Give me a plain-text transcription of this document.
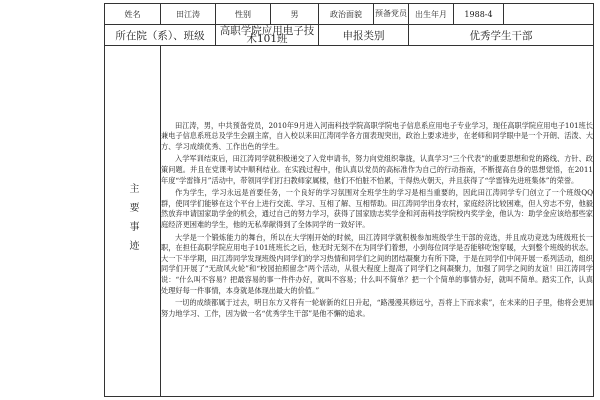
姓名	田江涛	性别	男	政治面貌	预备党员	出生年月	1988-4	
所在院（系）、班级		高职学院应用电子技术101班		申报类别		优秀学生干部		

主要事迹	田江涛，男，中共预备党员，2010年9月进入河南科技学院高职学院电子信息系应用电子专业学习，现任高职学院应用电子101班长兼电子信息系班总及学生会副主席，自入校以来田江涛同学各方面表现突出，政治上要求进步，在老师和同学眼中是一个开朗、活泼、大方、学习成绩优秀、工作出色的学生。

入学军训结束后，田江涛同学就积极递交了入党申请书，努力向党组织靠拢，认真学习“三个代表”的重要思想和党的路线、方针、政策问题。并且在党课考试中顺利结业。在实践过程中，他认真以党员的高标准作为自己的行动指南，不断提高自身的思想觉悟，在2011年度“学雷锋月”活动中，带领同学们打扫教师家属楼，他们不怕脏不怕累，干得热火朝天，并且获得了“学雷锋先进班集体”的荣誉。

作为学生，学习永远是首要任务，一个良好的学习氛围对全班学生的学习是相当重要的，因此田江涛同学专门创立了一个班级QQ群，使同学们能够在这个平台上进行交流、学习、互相了解、互相帮助。田江涛同学出身农村，家庭经济比较困难，但人穷志不穷，他毅然放弃申请国家助学金的机会，通过自己的努力学习，获得了国家励志奖学金和河南科技学院校内奖学金，他认为：助学金应该给那些家庭经济更困难的学生，他的无私奉献得到了全体同学的一致好评。

大学是一个锻炼能力的舞台，所以在大学刚开始的时候，田江涛同学就积极参加班级学生干部的竞选，并且成功竞选为班级班长一职，在担任高职学院应用电子101班班长之后，他无时无刻不在为同学们着想，小到每位同学是否能够吃饱穿暖，大到整个班级的状态。大一下半学期，田江涛同学发现班级内同学们的学习热情和同学们之间的团结凝聚力有所下降，于是在同学们中间开展一系列活动，组织同学们开展了“无敌风火轮”和“校园拍照留念”两个活动，从很大程度上提高了同学们之间凝聚力，加强了同学之间的友谊！田江涛同学说：“什么叫不容易？把最容易的事一件件办好，就叫不容易；什么叫不简单？把一个个简单的事情办好，就叫不简单。踏实工作，认真处理好每一件事情，本身就是体现出最大的价值。”

一切的成绩都属于过去，明日东方又将有一轮崭新的红日升起，“路漫漫其修远兮，吾将上下而求索”，在未来的日子里，他将会更加努力地学习、工作，因为做一名“优秀学生干部”是他不懈的追求。							
